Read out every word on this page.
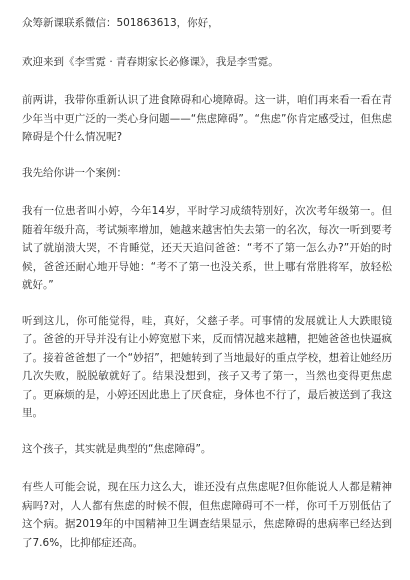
众筹新课联系微信：501863613，你好，

欢迎来到《李雪霓 · 青春期家长必修课》，我是李雪霓。

前两讲，我带你重新认识了进食障碍和心境障碍。这一讲，咱们再来看一看在青少年当中更广泛的一类心身问题——“焦虑障碍”。“焦虑”你肯定感受过，但焦虑障碍是个什么情况呢?

我先给你讲一个案例：

我有一位患者叫小婷，今年14岁，平时学习成绩特别好，次次考年级第一。但随着年级升高，考试频率增加，她越来越害怕失去第一的名次，每次一听到要考试了就崩溃大哭，不肯睡觉，还天天追问爸爸：“考不了第一怎么办?”开始的时候，爸爸还耐心地开导她：“考不了第一也没关系，世上哪有常胜将军，放轻松就好。”

听到这儿，你可能觉得，哇，真好，父慈子孝。可事情的发展就让人大跌眼镜了。爸爸的开导并没有让小婷宽慰下来，反而情况越来越糟，把她爸爸也快逼疯了。接着爸爸想了一个“妙招”，把她转到了当地最好的重点学校，想着让她经历几次失败，脱脱敏就好了。结果没想到，孩子又考了第一，当然也变得更焦虑了。更麻烦的是，小婷还因此患上了厌食症，身体也不行了，最后被送到了我这里。

这个孩子，其实就是典型的“焦虑障碍”。

有些人可能会说，现在压力这么大，谁还没有点焦虑呢?但你能说人人都是精神病吗?对，人人都有焦虑的时候不假，但焦虑障碍可不一样，你可千万别低估了这个病。据2019年的中国精神卫生调查结果显示，焦虑障碍的患病率已经达到了7.6%，比抑郁症还高。
